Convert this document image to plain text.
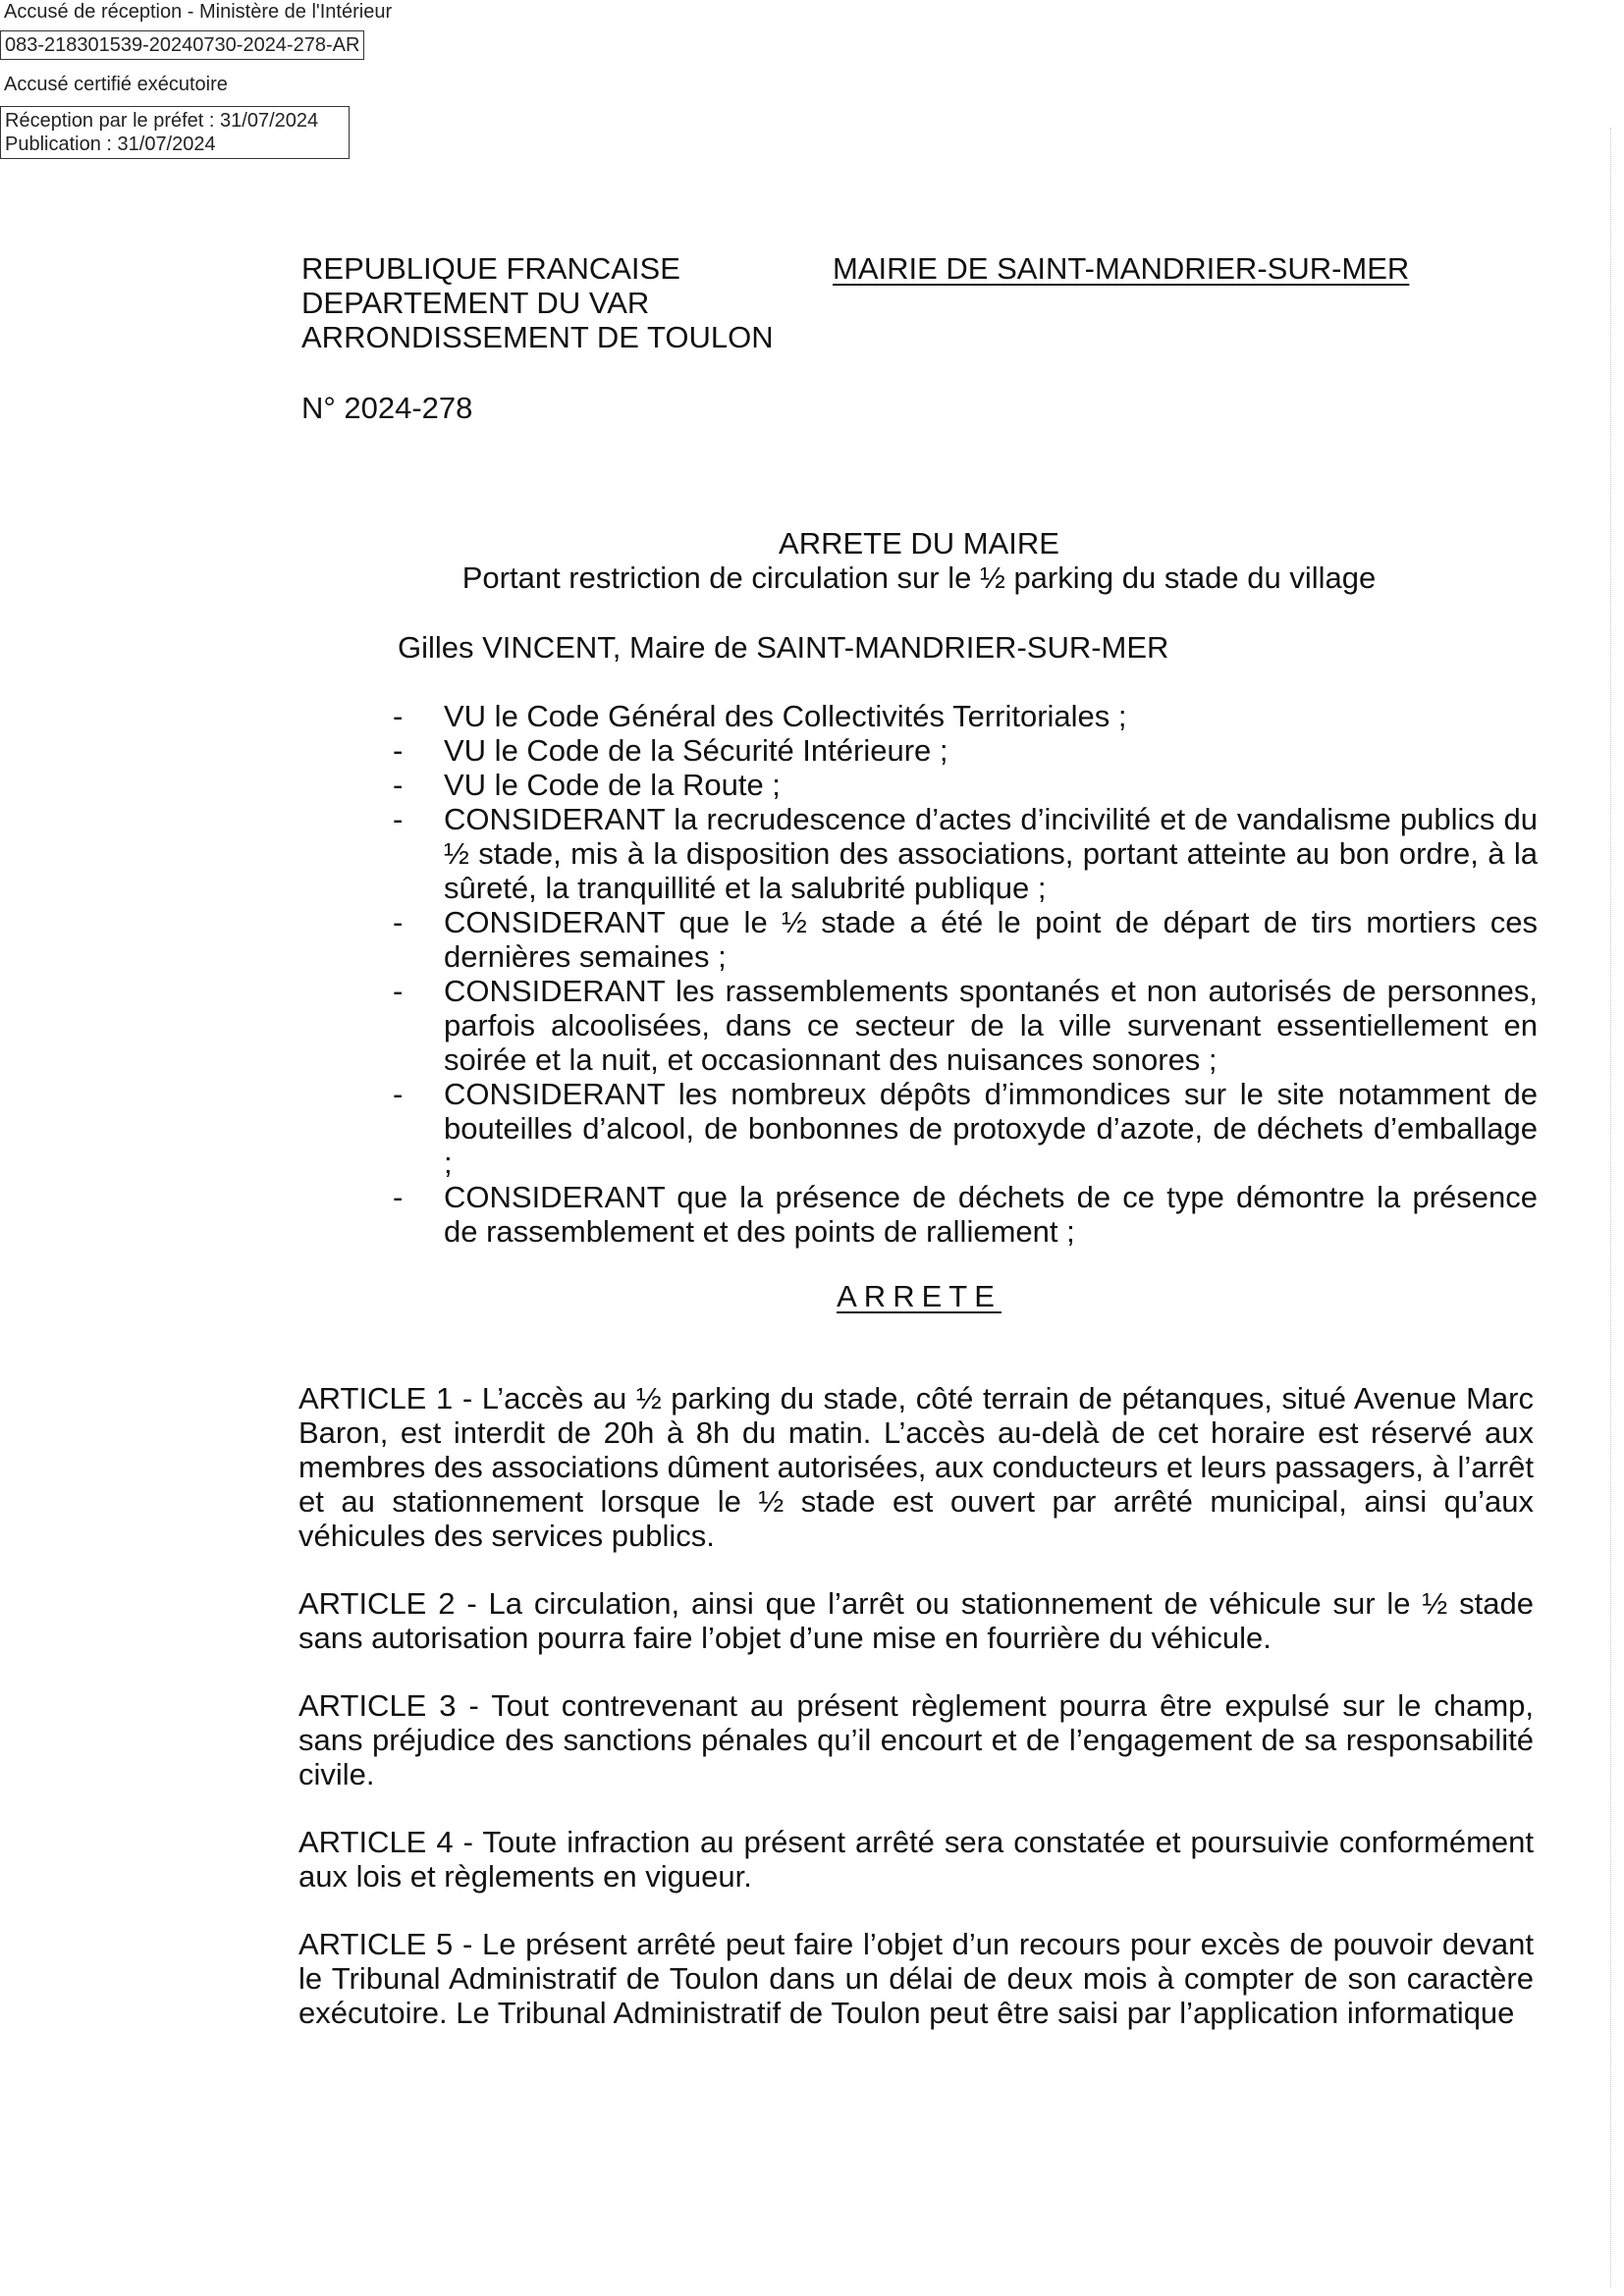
Accusé de réception - Ministère de l'Intérieur
083-218301539-20240730-2024-278-AR
Accusé certifié exécutoire
Réception par le préfet : 31/07/2024
Publication : 31/07/2024
REPUBLIQUE FRANCAISE
DEPARTEMENT DU VAR
ARRONDISSEMENT DE TOULON
MAIRIE DE SAINT-MANDRIER-SUR-MER
N° 2024-278
ARRETE DU MAIRE
Portant restriction de circulation sur le ½ parking du stade du village
Gilles VINCENT, Maire de SAINT-MANDRIER-SUR-MER
- VU le Code Général des Collectivités Territoriales ;
- VU le Code de la Sécurité Intérieure ;
- VU le Code de la Route ;
- CONSIDERANT la recrudescence d’actes d’incivilité et de vandalisme publics du ½ stade, mis à la disposition des associations, portant atteinte au bon ordre, à la sûreté, la tranquillité et la salubrité publique ;
- CONSIDERANT que le ½ stade a été le point de départ de tirs mortiers ces dernières semaines ;
- CONSIDERANT les rassemblements spontanés et non autorisés de personnes, parfois alcoolisées, dans ce secteur de la ville survenant essentiellement en soirée et la nuit, et occasionnant des nuisances sonores ;
- CONSIDERANT les nombreux dépôts d’immondices sur le site notamment de bouteilles d’alcool, de bonbonnes de protoxyde d’azote, de déchets d’emballage ;
- CONSIDERANT que la présence de déchets de ce type démontre la présence de rassemblement et des points de ralliement ;
ARRETE

ARTICLE 1 - L’accès au ½ parking du stade, côté terrain de pétanques, situé Avenue Marc Baron, est interdit de 20h à 8h du matin. L’accès au-delà de cet horaire est réservé aux membres des associations dûment autorisées, aux conducteurs et leurs passagers, à l’arrêt et au stationnement lorsque le ½ stade est ouvert par arrêté municipal, ainsi qu’aux véhicules des services publics.

ARTICLE 2 - La circulation, ainsi que l’arrêt ou stationnement de véhicule sur le ½ stade sans autorisation pourra faire l’objet d’une mise en fourrière du véhicule.

ARTICLE 3 - Tout contrevenant au présent règlement pourra être expulsé sur le champ, sans préjudice des sanctions pénales qu’il encourt et de l’engagement de sa responsabilité civile.

ARTICLE 4 - Toute infraction au présent arrêté sera constatée et poursuivie conformément aux lois et règlements en vigueur.

ARTICLE 5 - Le présent arrêté peut faire l’objet d’un recours pour excès de pouvoir devant le Tribunal Administratif de Toulon dans un délai de deux mois à compter de son caractère exécutoire. Le Tribunal Administratif de Toulon peut être saisi par l’application informatique
